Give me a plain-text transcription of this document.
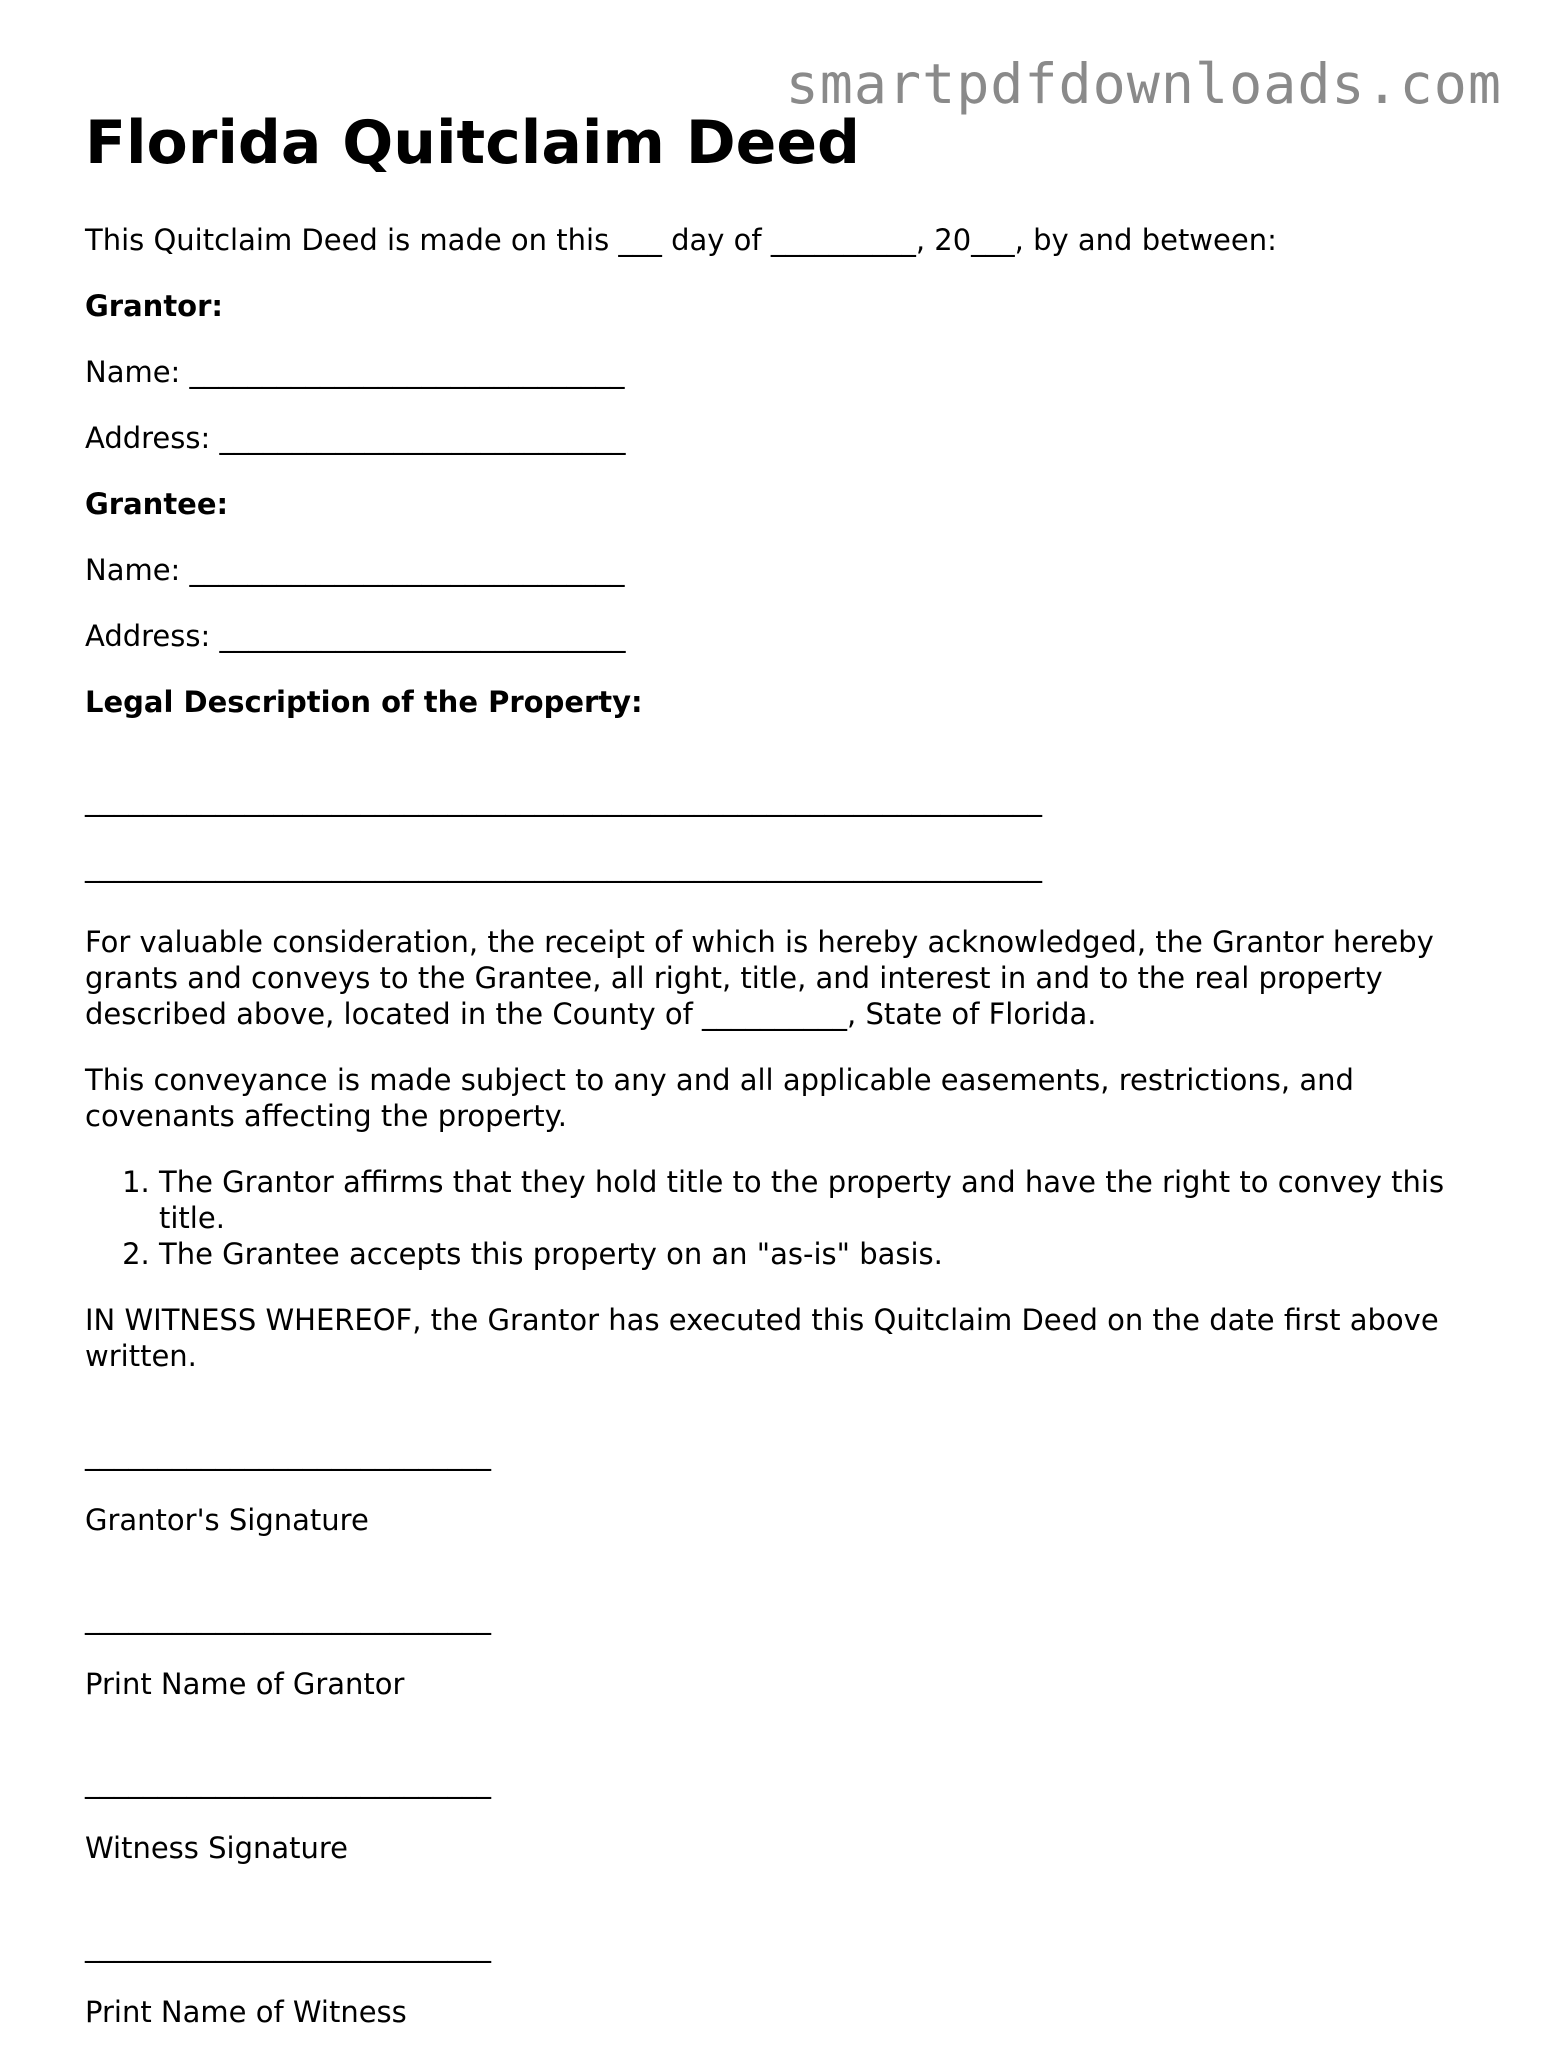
smartpdfdownloads.com
Florida Quitclaim Deed

This Quitclaim Deed is made on this ___ day of __________, 20___, by and between:

Grantor:

Name: ______________________________

Address: ____________________________

Grantee:

Name: ______________________________

Address: ____________________________

Legal Description of the Property:

__________________________________________________________________
__________________________________________________________________

For valuable consideration, the receipt of which is hereby acknowledged, the Grantor hereby grants and conveys to the Grantee, all right, title, and interest in and to the real property described above, located in the County of __________, State of Florida.

This conveyance is made subject to any and all applicable easements, restrictions, and covenants affecting the property.

1. The Grantor affirms that they hold title to the property and have the right to convey this title.
2. The Grantee accepts this property on an "as-is" basis.

IN WITNESS WHEREOF, the Grantor has executed this Quitclaim Deed on the date first above written.

____________________________

Grantor's Signature

____________________________

Print Name of Grantor

____________________________

Witness Signature

____________________________

Print Name of Witness
